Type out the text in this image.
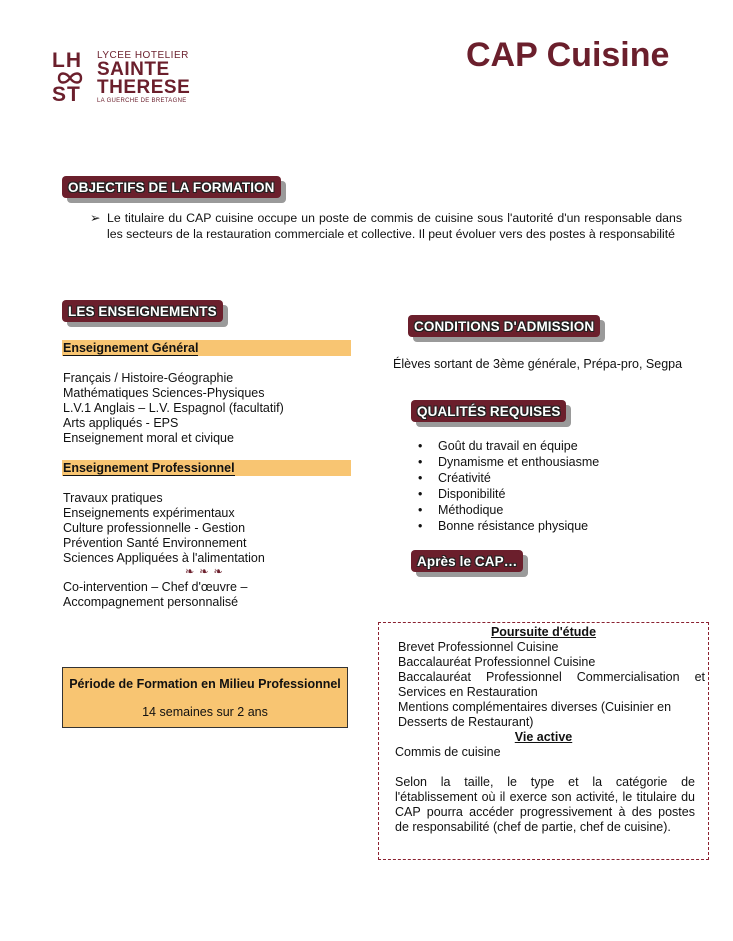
LH
ST
LYCEE HOTELIER
SAINTE
THERESE
LA GUERCHE DE BRETAGNE
CAP Cuisine
OBJECTIFS DE LA FORMATION
➢ Le titulaire du CAP cuisine occupe un poste de commis de cuisine sous l'autorité d'un responsable dans les secteurs de la restauration commerciale et collective. Il peut évoluer vers des postes à responsabilité
LES ENSEIGNEMENTS
Enseignement Général
Français / Histoire-Géographie
Mathématiques Sciences-Physiques
L.V.1 Anglais – L.V. Espagnol (facultatif)
Arts appliqués - EPS
Enseignement moral et civique
Enseignement Professionnel
Travaux pratiques
Enseignements expérimentaux
Culture professionnelle - Gestion
Prévention Santé Environnement
Sciences Appliquées à l'alimentation
❧ ❧ ❧
Co-intervention – Chef d'œuvre –
Accompagnement personnalisé
Période de Formation en Milieu Professionnel
14 semaines sur 2 ans
CONDITIONS D'ADMISSION
Élèves sortant de 3ème générale, Prépa-pro, Segpa
QUALITÉS REQUISES
• Goût du travail en équipe
• Dynamisme et enthousiasme
• Créativité
• Disponibilité
• Méthodique
• Bonne résistance physique
Après le CAP…
Poursuite d'étude
Brevet Professionnel Cuisine
Baccalauréat Professionnel Cuisine
Baccalauréat Professionnel Commercialisation et Services en Restauration
Mentions complémentaires diverses (Cuisinier en Desserts de Restaurant)
Vie active
Commis de cuisine
Selon la taille, le type et la catégorie de l'établissement où il exerce son activité, le titulaire du CAP pourra accéder progressivement à des postes de responsabilité (chef de partie, chef de cuisine).
